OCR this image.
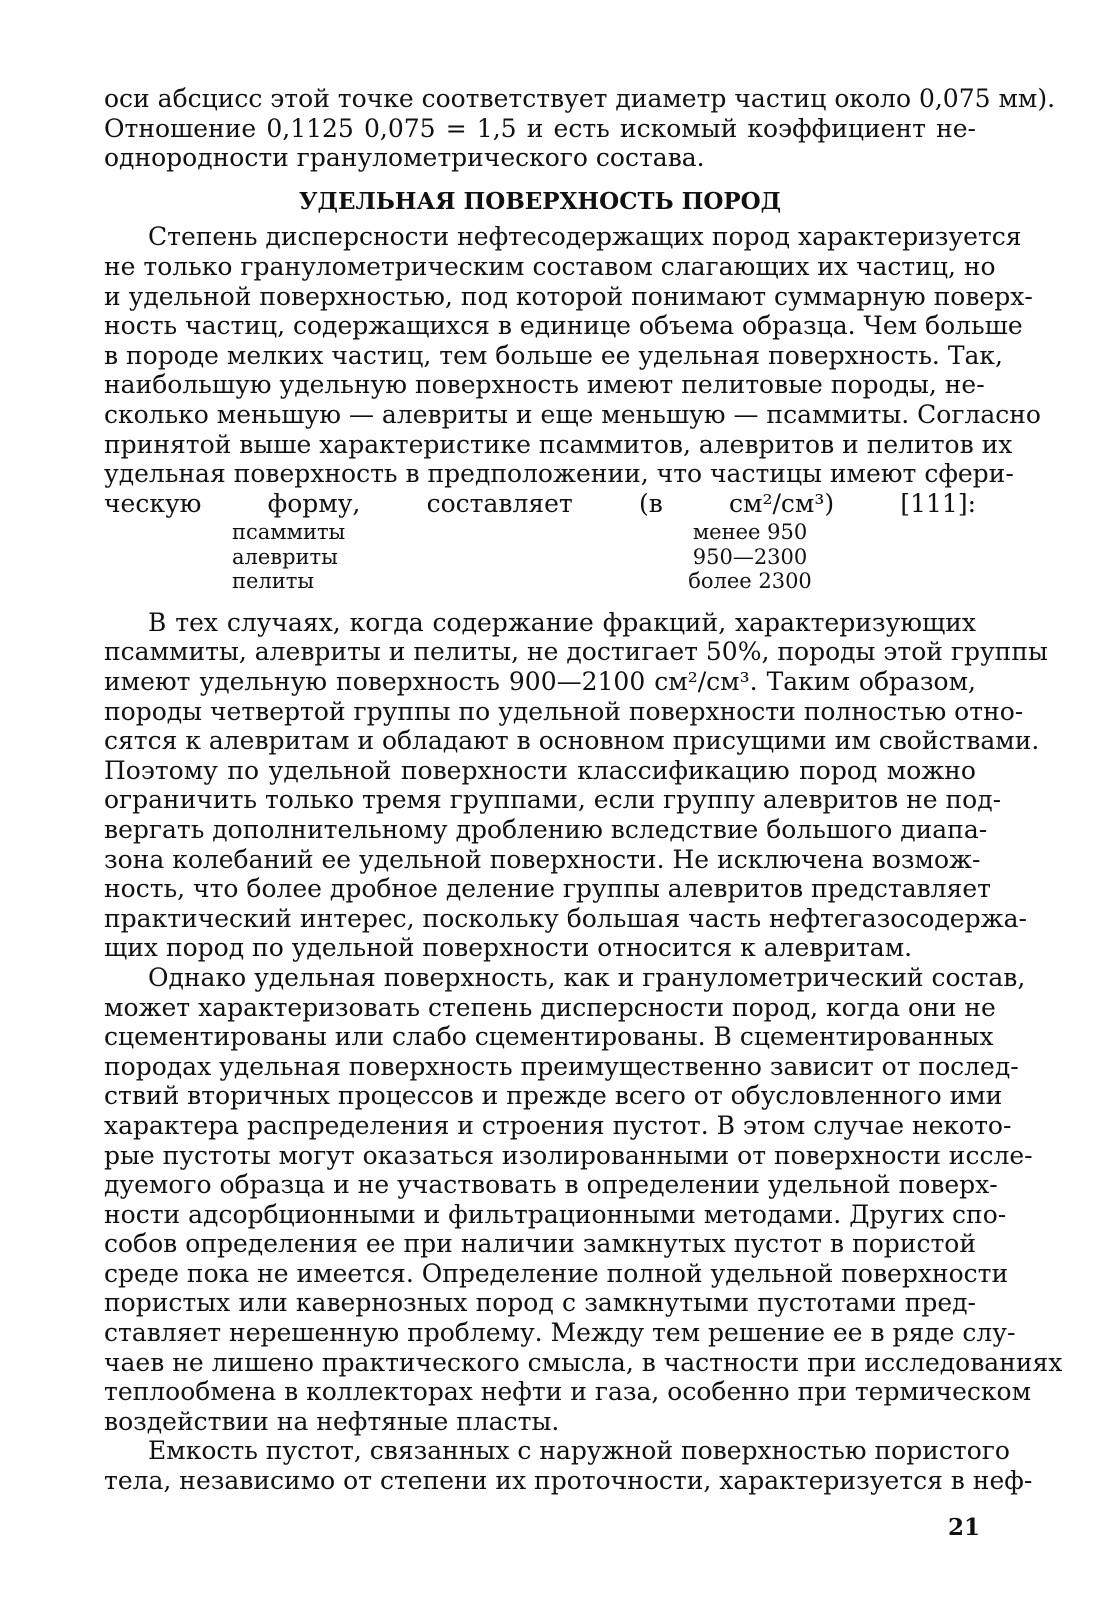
оси абсцисс этой точке соответствует диаметр частиц около 0,075 мм).
Отношение 0,1125 0,075 = 1,5 и есть искомый коэффициент не-
однородности гранулометрического состава.
УДЕЛЬНАЯ ПОВЕРХНОСТЬ ПОРОД
Степень дисперсности нефтесодержащих пород характеризуется
не только гранулометрическим составом слагающих их частиц, но
и удельной поверхностью, под которой понимают суммарную поверх-
ность частиц, содержащихся в единице объема образца. Чем больше
в породе мелких частиц, тем больше ее удельная поверхность. Так,
наибольшую удельную поверхность имеют пелитовые породы, не-
сколько меньшую — алевриты и еще меньшую — псаммиты. Согласно
принятой выше характеристике псаммитов, алевритов и пелитов их
удельная поверхность в предположении, что частицы имеют сфери-
ческую форму, составляет (в см²/см³) [111]:
псаммиты	менее 950
алевриты	950—2300
пелиты	более 2300
В тех случаях, когда содержание фракций, характеризующих
псаммиты, алевриты и пелиты, не достигает 50%, породы этой группы
имеют удельную поверхность 900—2100 см²/см³. Таким образом,
породы четвертой группы по удельной поверхности полностью отно-
сятся к алевритам и обладают в основном присущими им свойствами.
Поэтому по удельной поверхности классификацию пород можно
ограничить только тремя группами, если группу алевритов не под-
вергать дополнительному дроблению вследствие большого диапа-
зона колебаний ее удельной поверхности. Не исключена возмож-
ность, что более дробное деление группы алевритов представляет
практический интерес, поскольку большая часть нефтегазосодержа-
щих пород по удельной поверхности относится к алевритам.
Однако удельная поверхность, как и гранулометрический состав,
может характеризовать степень дисперсности пород, когда они не
сцементированы или слабо сцементированы. В сцементированных
породах удельная поверхность преимущественно зависит от послед-
ствий вторичных процессов и прежде всего от обусловленного ими
характера распределения и строения пустот. В этом случае некото-
рые пустоты могут оказаться изолированными от поверхности иссле-
дуемого образца и не участвовать в определении удельной поверх-
ности адсорбционными и фильтрационными методами. Других спо-
собов определения ее при наличии замкнутых пустот в пористой
среде пока не имеется. Определение полной удельной поверхности
пористых или кавернозных пород с замкнутыми пустотами пред-
ставляет нерешенную проблему. Между тем решение ее в ряде слу-
чаев не лишено практического смысла, в частности при исследованиях
теплообмена в коллекторах нефти и газа, особенно при термическом
воздействии на нефтяные пласты.
Емкость пустот, связанных с наружной поверхностью пористого
тела, независимо от степени их проточности, характеризуется в неф-
21
